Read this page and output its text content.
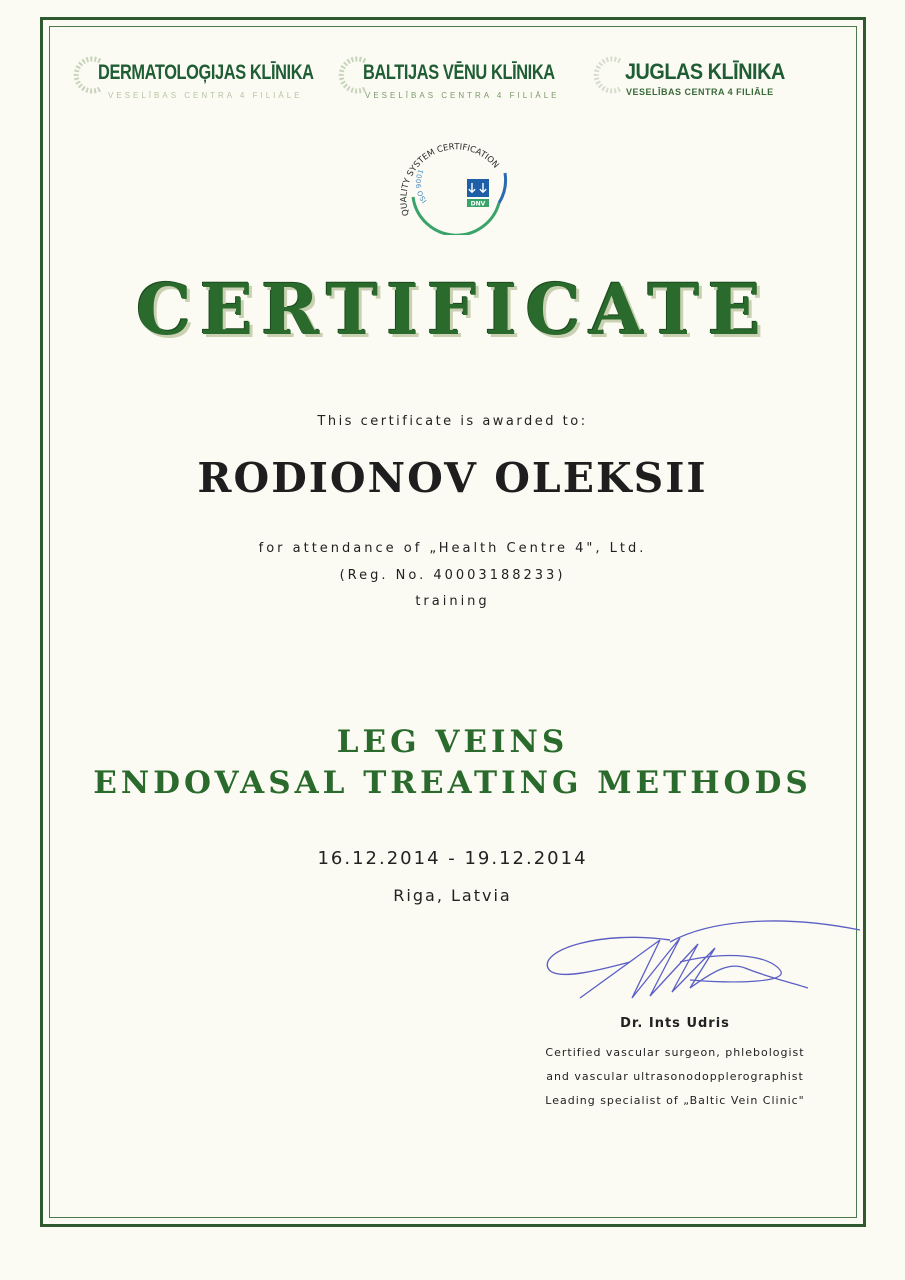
DERMATOLOĢIJAS KLĪNIKA
VESELĪBAS CENTRA 4 FILIĀLE
BALTIJAS VĒNU KLĪNIKA
VESELĪBAS CENTRA 4 FILIĀLE
JUGLAS KLĪNIKA
VESELĪBAS CENTRA 4 FILIĀLE
QUALITY SYSTEM CERTIFICATION
ISO 9001
DNV
CERTIFICATE
This certificate is awarded to:
RODIONOV OLEKSII
for attendance of „Health Centre 4", Ltd.
(Reg. No. 40003188233)
training
LEG VEINS
ENDOVASAL TREATING METHODS
16.12.2014 - 19.12.2014
Riga, Latvia
Dr. Ints Udris
Certified vascular surgeon, phlebologist
and vascular ultrasonodopplerographist
Leading specialist of „Baltic Vein Clinic"
